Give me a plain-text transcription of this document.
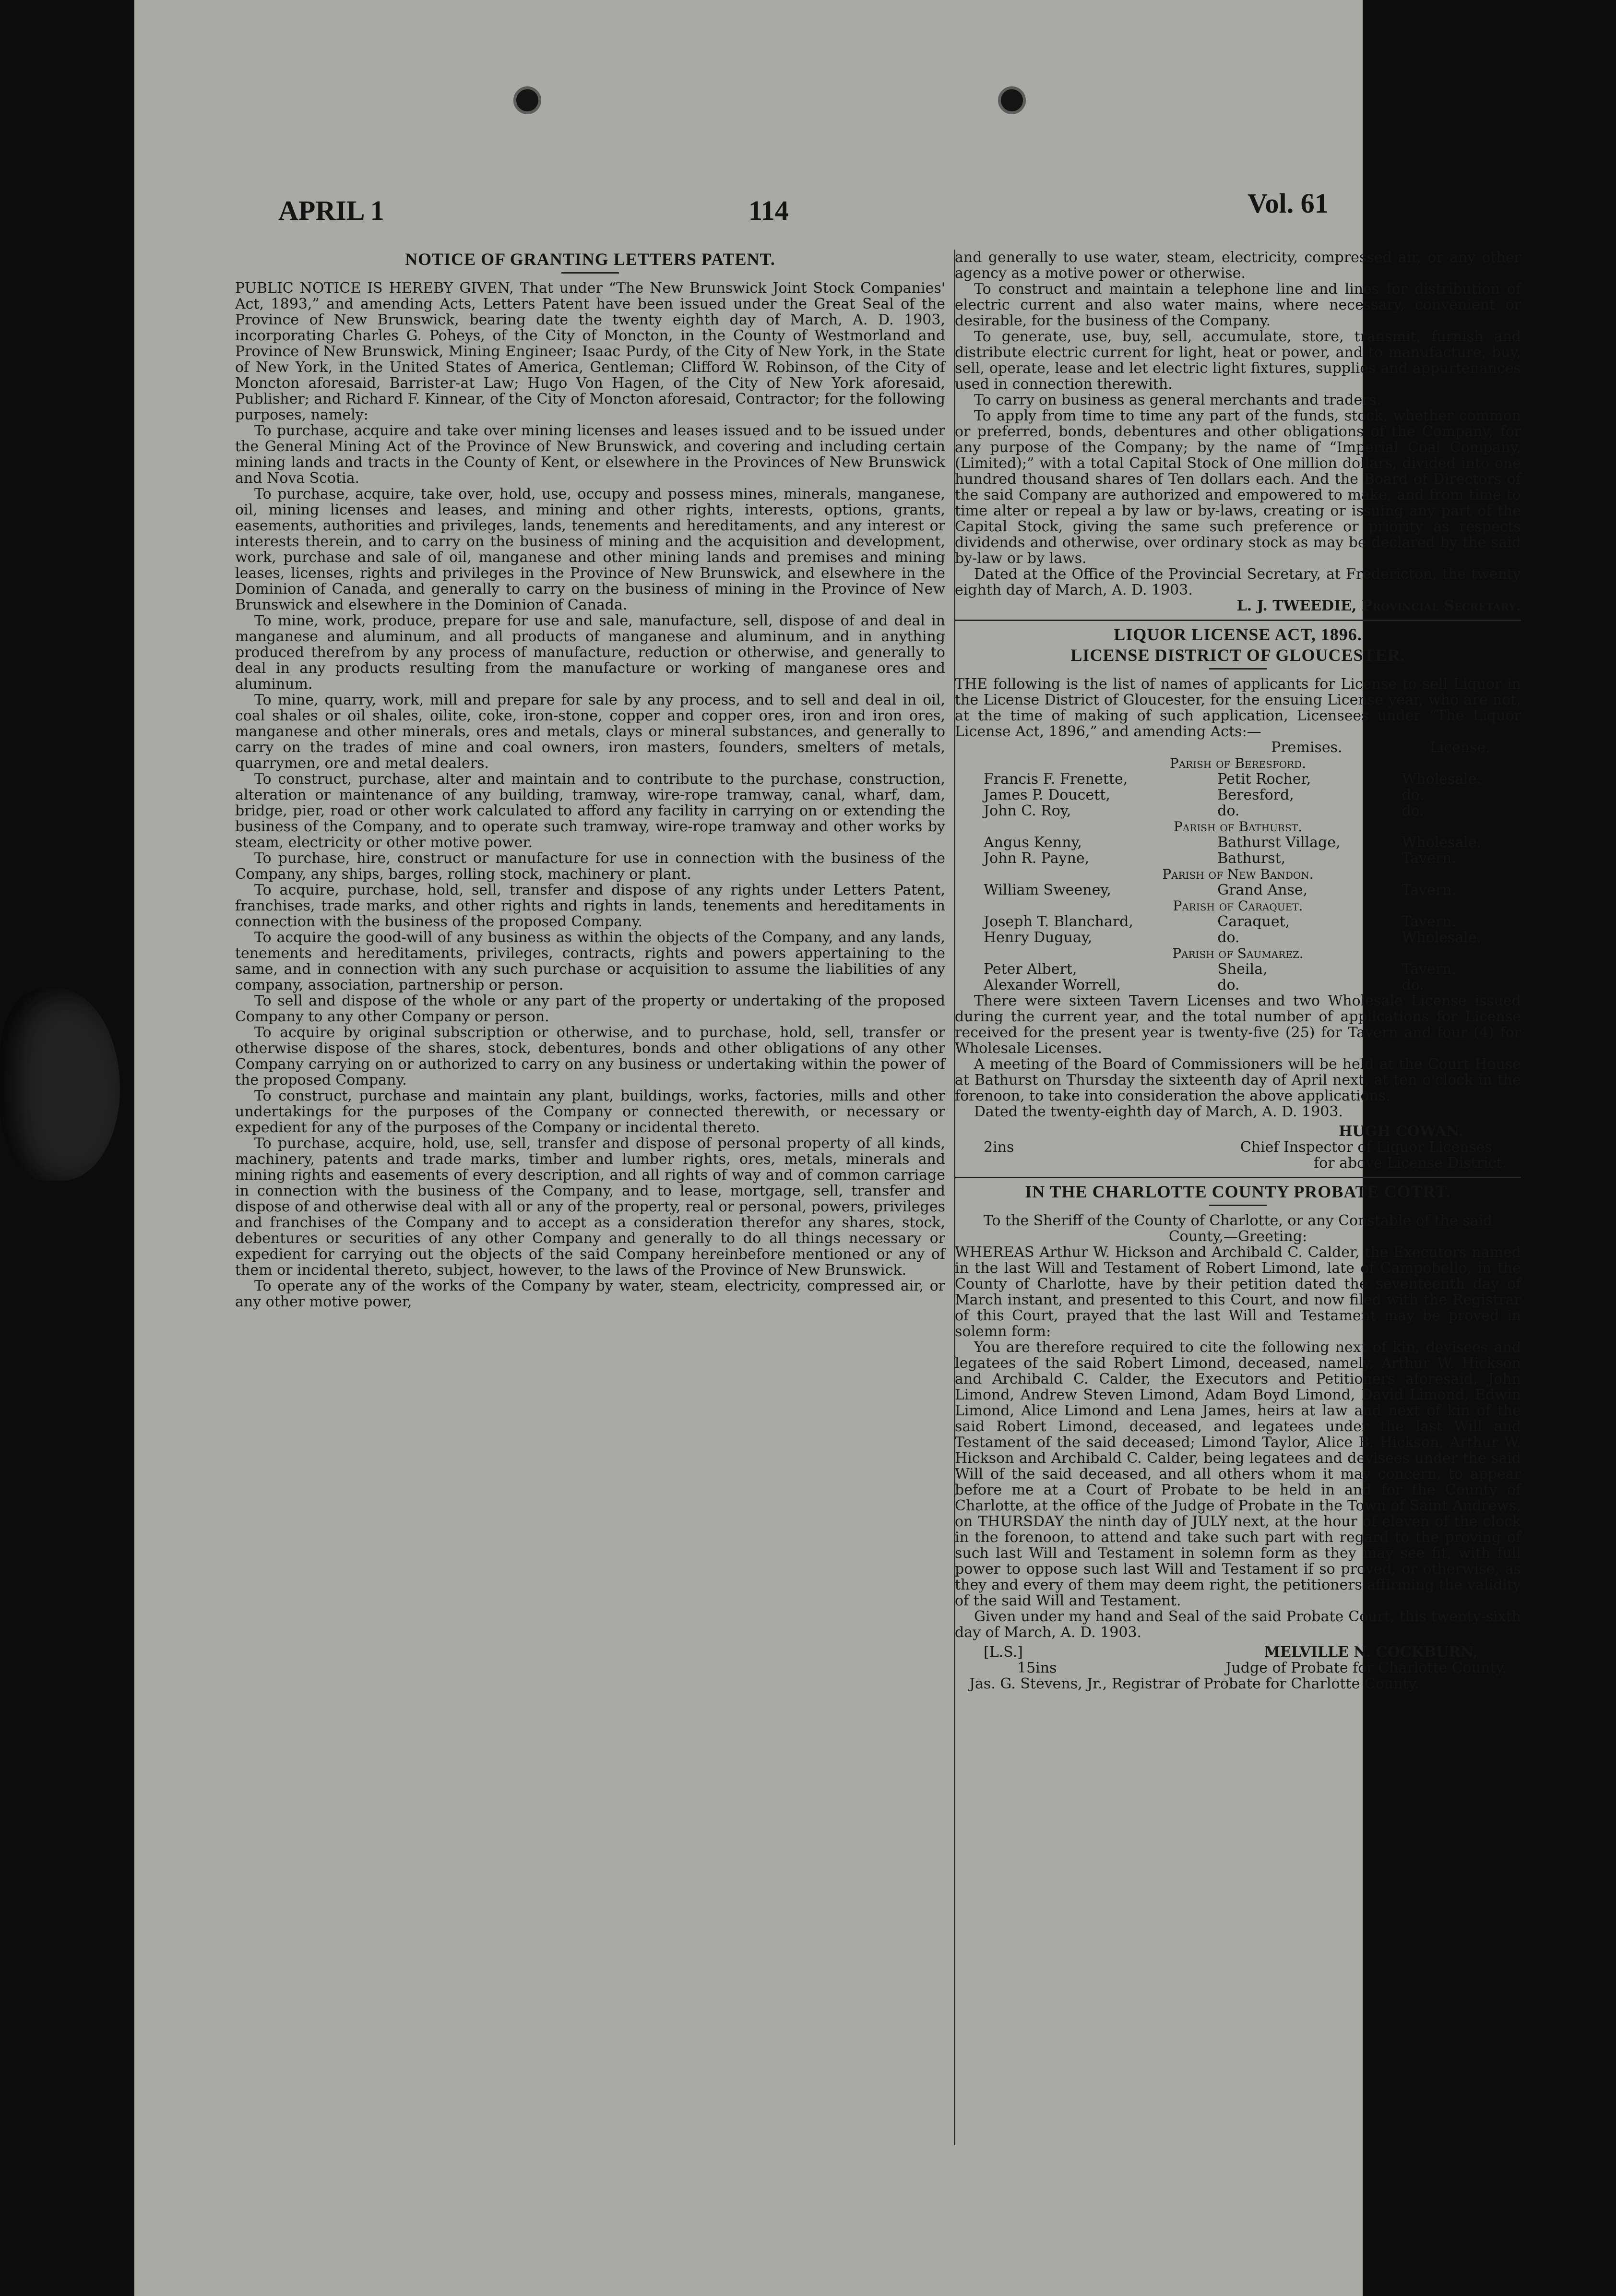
APRIL 1	114	Vol. 61
NOTICE OF GRANTING LETTERS PATENT.

PUBLIC NOTICE IS HEREBY GIVEN, That under “The New Brunswick Joint Stock Companies' Act, 1893,” and amending Acts, Letters Patent have been issued under the Great Seal of the Province of New Brunswick, bearing date the twenty eighth day of March, A. D. 1903, incorporating Charles G. Poheys, of the City of Moncton, in the County of Westmorland and Province of New Brunswick, Mining Engineer; Isaac Purdy, of the City of New York, in the State of New York, in the United States of America, Gentleman; Clifford W. Robinson, of the City of Moncton aforesaid, Barrister-at Law; Hugo Von Hagen, of the City of New York aforesaid, Publisher; and Richard F. Kinnear, of the City of Moncton aforesaid, Contractor; for the following purposes, namely:

To purchase, acquire and take over mining licenses and leases issued and to be issued under the General Mining Act of the Province of New Brunswick, and covering and including certain mining lands and tracts in the County of Kent, or elsewhere in the Provinces of New Brunswick and Nova Scotia.

To purchase, acquire, take over, hold, use, occupy and possess mines, minerals, manganese, oil, mining licenses and leases, and mining and other rights, interests, options, grants, easements, authorities and privileges, lands, tenements and hereditaments, and any interest or interests therein, and to carry on the business of mining and the acquisition and development, work, purchase and sale of oil, manganese and other mining lands and premises and mining leases, licenses, rights and privileges in the Province of New Brunswick, and elsewhere in the Dominion of Canada, and generally to carry on the business of mining in the Province of New Brunswick and elsewhere in the Dominion of Canada.

To mine, work, produce, prepare for use and sale, manufacture, sell, dispose of and deal in manganese and aluminum, and all products of manganese and aluminum, and in anything produced therefrom by any process of manufacture, reduction or otherwise, and generally to deal in any products resulting from the manufacture or working of manganese ores and aluminum.

To mine, quarry, work, mill and prepare for sale by any process, and to sell and deal in oil, coal shales or oil shales, oilite, coke, iron-stone, copper and copper ores, iron and iron ores, manganese and other minerals, ores and metals, clays or mineral substances, and generally to carry on the trades of mine and coal owners, iron masters, founders, smelters of metals, quarrymen, ore and metal dealers.

To construct, purchase, alter and maintain and to contribute to the purchase, construction, alteration or maintenance of any building, tramway, wire-rope tramway, canal, wharf, dam, bridge, pier, road or other work calculated to afford any facility in carrying on or extending the business of the Company, and to operate such tramway, wire-rope tramway and other works by steam, electricity or other motive power.

To purchase, hire, construct or manufacture for use in connection with the business of the Company, any ships, barges, rolling stock, machinery or plant.

To acquire, purchase, hold, sell, transfer and dispose of any rights under Letters Patent, franchises, trade marks, and other rights and rights in lands, tenements and hereditaments in connection with the business of the proposed Company.

To acquire the good-will of any business as within the objects of the Company, and any lands, tenements and hereditaments, privileges, contracts, rights and powers appertaining to the same, and in connection with any such purchase or acquisition to assume the liabilities of any company, association, partnership or person.

To sell and dispose of the whole or any part of the property or undertaking of the proposed Company to any other Company or person.

To acquire by original subscription or otherwise, and to purchase, hold, sell, transfer or otherwise dispose of the shares, stock, debentures, bonds and other obligations of any other Company carrying on or authorized to carry on any business or undertaking within the power of the proposed Company.

To construct, purchase and maintain any plant, buildings, works, factories, mills and other undertakings for the purposes of the Company or connected therewith, or necessary or expedient for any of the purposes of the Company or incidental thereto.

To purchase, acquire, hold, use, sell, transfer and dispose of personal property of all kinds, machinery, patents and trade marks, timber and lumber rights, ores, metals, minerals and mining rights and easements of every description, and all rights of way and of common carriage in connection with the business of the Company, and to lease, mortgage, sell, transfer and dispose of and otherwise deal with all or any of the property, real or personal, powers, privileges and franchises of the Company and to accept as a consideration therefor any shares, stock, debentures or securities of any other Company and generally to do all things necessary or expedient for carrying out the objects of the said Company hereinbefore mentioned or any of them or incidental thereto, subject, however, to the laws of the Province of New Brunswick.

To operate any of the works of the Company by water, steam, electricity, compressed air, or any other motive power,

and generally to use water, steam, electricity, compressed air, or any other agency as a motive power or otherwise.

To construct and maintain a telephone line and lines for distribution of electric current and also water mains, where necessary, convenient or desirable, for the business of the Company.

To generate, use, buy, sell, accumulate, store, transmit, furnish and distribute electric current for light, heat or power, and to manufacture, buy, sell, operate, lease and let electric light fixtures, supplies and appurtenances used in connection therewith.

To carry on business as general merchants and traders.

To apply from time to time any part of the funds, stock, whether common or preferred, bonds, debentures and other obligations of the Company, for any purpose of the Company; by the name of “Imperial Coal Company, (Limited);” with a total Capital Stock of One million dollars, divided into one hundred thousand shares of Ten dollars each. And the Board of Directors of the said Company are authorized and empowered to make, and from time to time alter or repeal a by law or by-laws, creating or issuing any part of the Capital Stock, giving the same such preference or priority as respects dividends and otherwise, over ordinary stock as may be declared by the said by-law or by laws.

Dated at the Office of the Provincial Secretary, at Fredericton, the twenty eighth day of March, A. D. 1903.

L. J. TWEEDIE, Provincial Secretary.
LIQUOR LICENSE ACT, 1896.
LICENSE DISTRICT OF GLOUCESTER.

THE following is the list of names of applicants for License to sell Liquor in the License District of Gloucester, for the ensuing License year, who are not, at the time of making of such application, Licensees under “The Liquor License Act, 1896,” and amending Acts:—

	Premises.	License.
Parish of Beresford.		
Francis F. Frenette,	Petit Rocher,	Wholesale.
James P. Doucett,	Beresford,	do.
John C. Roy,	do.	do.
Parish of Bathurst.		
Angus Kenny,	Bathurst Village,	Wholesale.
John R. Payne,	Bathurst,	Tavern.
Parish of New Bandon.		
William Sweeney,	Grand Anse,	Tavern.
Parish of Caraquet.		
Joseph T. Blanchard,	Caraquet,	Tavern.
Henry Duguay,	do.	Wholesale.
Parish of Saumarez.		
Peter Albert,	Sheila,	Tavern.
Alexander Worrell,	do.	do.

There were sixteen Tavern Licenses and two Wholesale License issued during the current year, and the total number of applications for License received for the present year is twenty-five (25) for Tavern and four (4) for Wholesale Licenses.

A meeting of the Board of Commissioners will be held at the Court House at Bathurst on Thursday the sixteenth day of April next, at ten o'clock in the forenoon, to take into consideration the above applications.

Dated the twenty-eighth day of March, A. D. 1903.

HUGH COWAN.
2ins	Chief Inspector of Liquor Licenses
for above License District.
IN THE CHARLOTTE COUNTY PROBATE COTRT.

To the Sheriff of the County of Charlotte, or any Constable of the said County,—Greeting:

WHEREAS Arthur W. Hickson and Archibald C. Calder, the Executors named in the last Will and Testament of Robert Limond, late of Campobello, in the County of Charlotte, have by their petition dated the seventeenth day of March instant, and presented to this Court, and now filed with the Registrar of this Court, prayed that the last Will and Testament may be proved in solemn form:

You are therefore required to cite the following next of kin, devisees and legatees of the said Robert Limond, deceased, namely, Arthur W. Hickson and Archibald C. Calder, the Executors and Petitioners aforesaid, John Limond, Andrew Steven Limond, Adam Boyd Limond, David Limond, Edwin Limond, Alice Limond and Lena James, heirs at law and next of kin of the said Robert Limond, deceased, and legatees under the last Will and Testament of the said deceased; Limond Taylor, Alice B. Hickson, Arthur W. Hickson and Archibald C. Calder, being legatees and devisees under the said Will of the said deceased, and all others whom it may concern, to appear before me at a Court of Probate to be held in and for the County of Charlotte, at the office of the Judge of Probate in the Town of Saint Andrews, on THURSDAY the ninth day of JULY next, at the hour of eleven of the clock in the forenoon, to attend and take such part with regard to the proving of such last Will and Testament in solemn form as they may see fit, with full power to oppose such last Will and Testament if so proved, or otherwise, as they and every of them may deem right, the petitioners affirming the validity of the said Will and Testament.

Given under my hand and Seal of the said Probate Court, this twenty-sixth day of March, A. D. 1903.

[L.S.]	MELVILLE N. COCKBURN,
15ins	Judge of Probate for Charlotte County.
Jas. G. Stevens, Jr., Registrar of Probate for Charlotte County.
